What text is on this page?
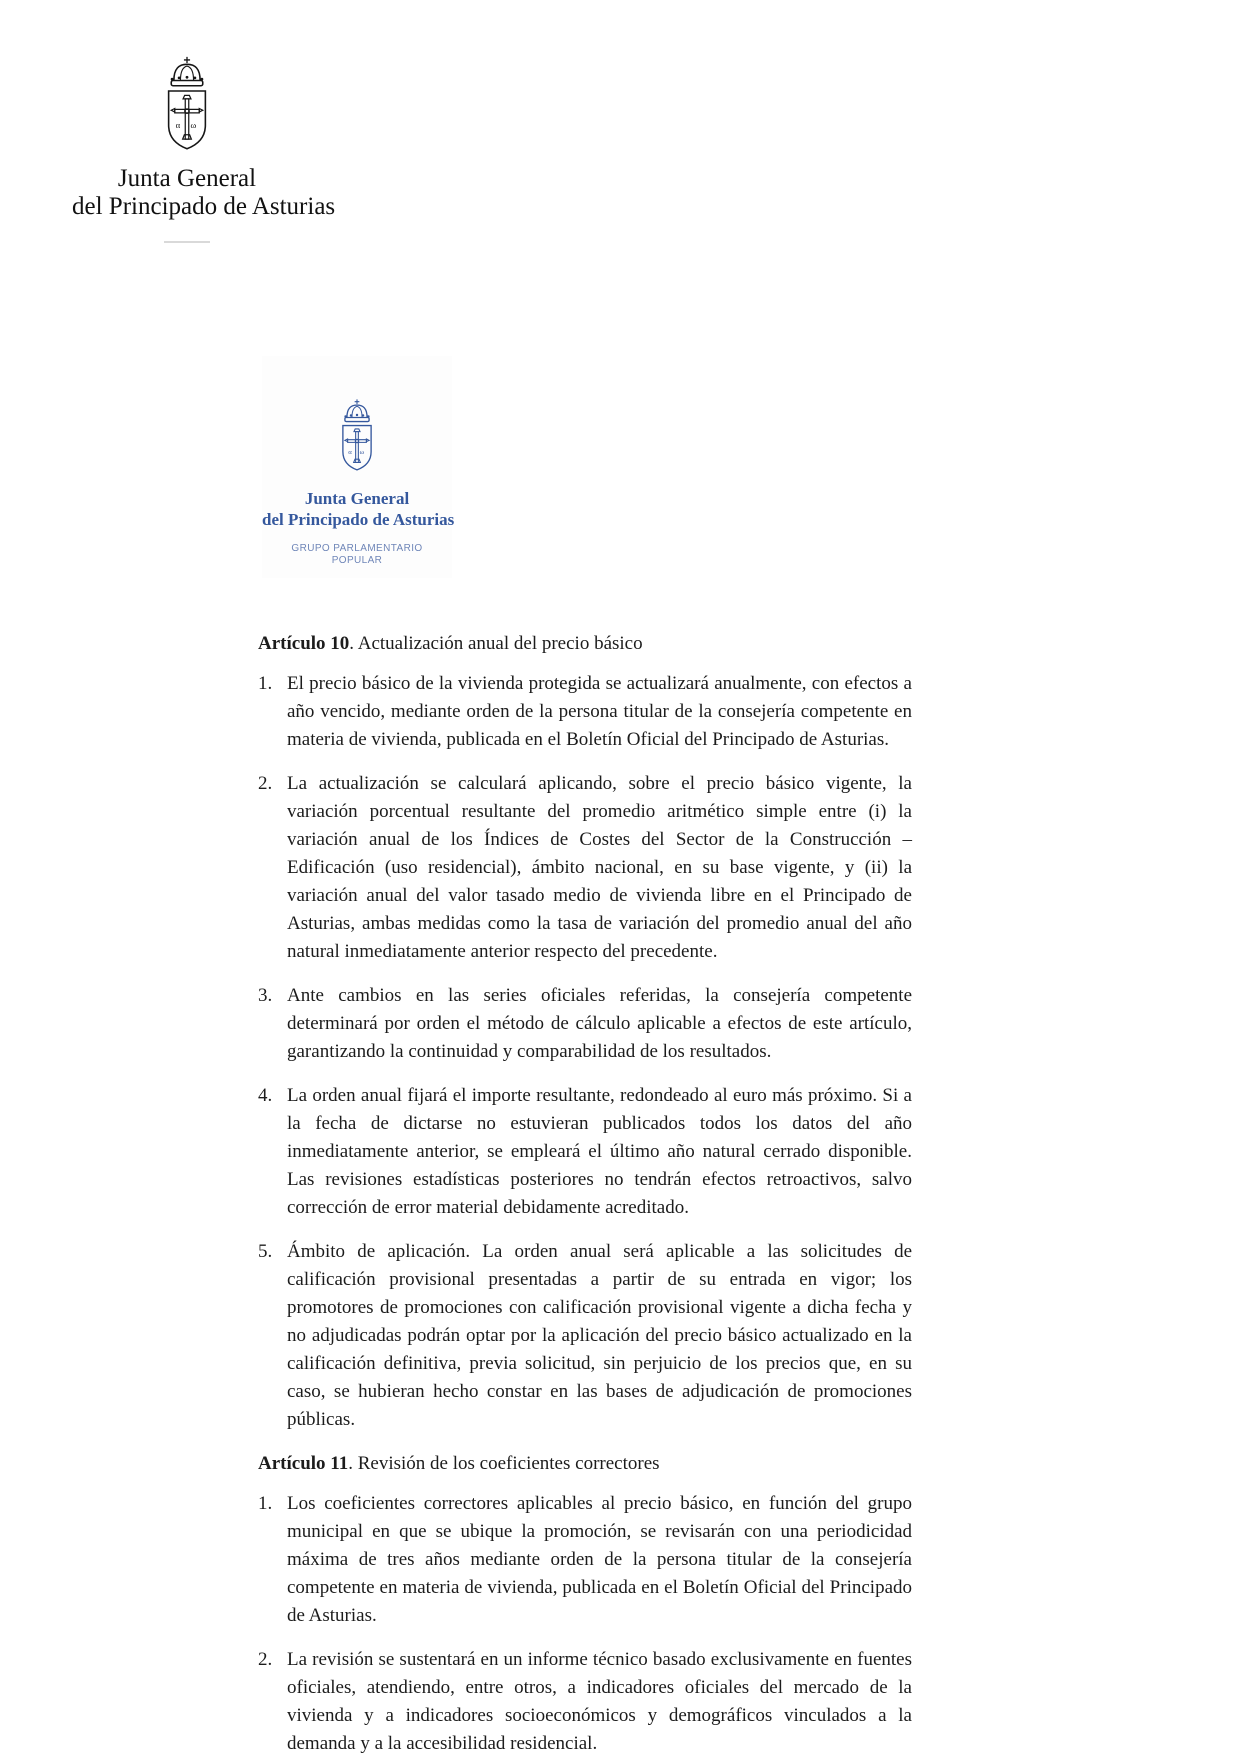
α ω
Junta General
del Principado de Asturias
α ω
Junta General
del Principado de Asturias
GRUPO PARLAMENTARIO
POPULAR
Artículo 10. Actualización anual del precio básico
1. El precio básico de la vivienda protegida se actualizará anualmente, con efectos a año vencido, mediante orden de la persona titular de la consejería competente en materia de vivienda, publicada en el Boletín Oficial del Principado de Asturias.
2. La actualización se calculará aplicando, sobre el precio básico vigente, la variación porcentual resultante del promedio aritmético simple entre (i) la variación anual de los Índices de Costes del Sector de la Construcción – Edificación (uso residencial), ámbito nacional, en su base vigente, y (ii) la variación anual del valor tasado medio de vivienda libre en el Principado de Asturias, ambas medidas como la tasa de variación del promedio anual del año natural inmediatamente anterior respecto del precedente.
3. Ante cambios en las series oficiales referidas, la consejería competente determinará por orden el método de cálculo aplicable a efectos de este artículo, garantizando la continuidad y comparabilidad de los resultados.
4. La orden anual fijará el importe resultante, redondeado al euro más próximo. Si a la fecha de dictarse no estuvieran publicados todos los datos del año inmediatamente anterior, se empleará el último año natural cerrado disponible. Las revisiones estadísticas posteriores no tendrán efectos retroactivos, salvo corrección de error material debidamente acreditado.
5. Ámbito de aplicación. La orden anual será aplicable a las solicitudes de calificación provisional presentadas a partir de su entrada en vigor; los promotores de promociones con calificación provisional vigente a dicha fecha y no adjudicadas podrán optar por la aplicación del precio básico actualizado en la calificación definitiva, previa solicitud, sin perjuicio de los precios que, en su caso, se hubieran hecho constar en las bases de adjudicación de promociones públicas.
Artículo 11. Revisión de los coeficientes correctores
1. Los coeficientes correctores aplicables al precio básico, en función del grupo municipal en que se ubique la promoción, se revisarán con una periodicidad máxima de tres años mediante orden de la persona titular de la consejería competente en materia de vivienda, publicada en el Boletín Oficial del Principado de Asturias.
2. La revisión se sustentará en un informe técnico basado exclusivamente en fuentes oficiales, atendiendo, entre otros, a indicadores oficiales del mercado de la vivienda y a indicadores socioeconómicos y demográficos vinculados a la demanda y a la accesibilidad residencial.
